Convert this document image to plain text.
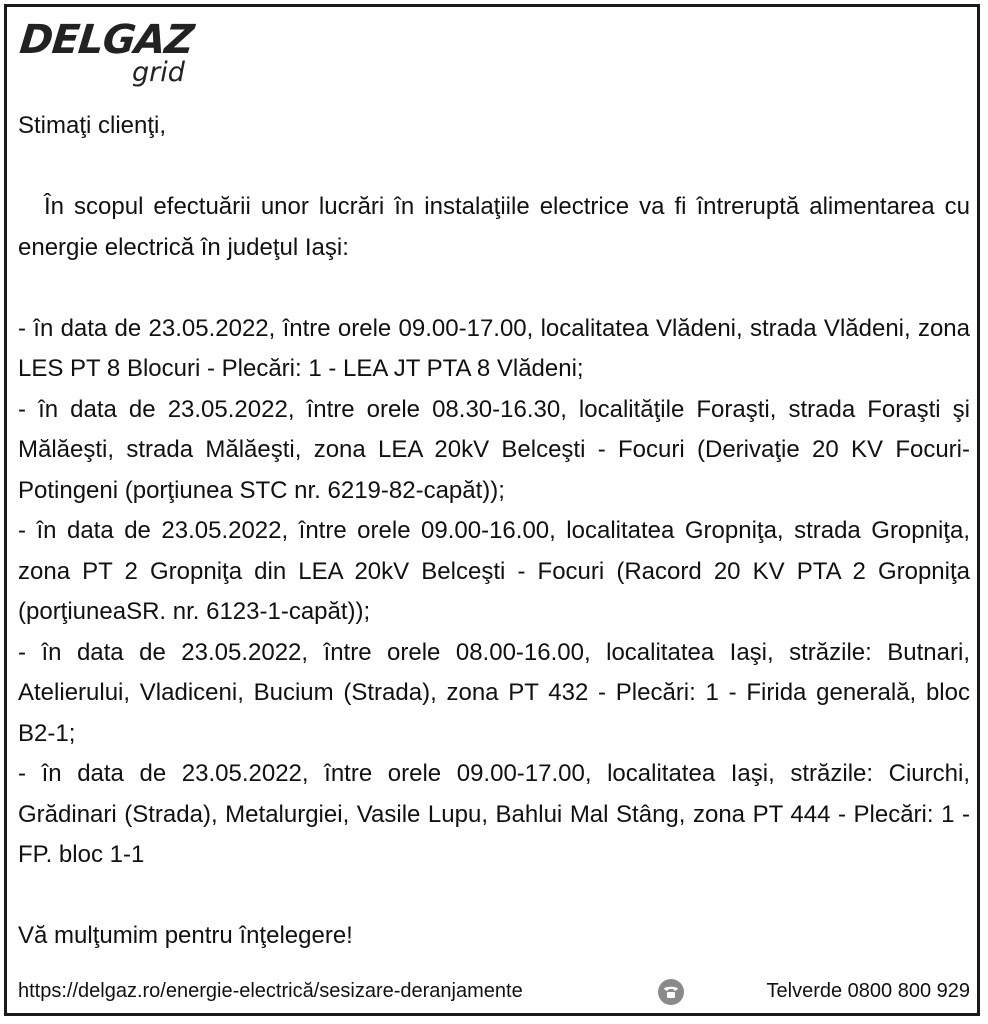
DELGAZ
grid

Stimaţi clienţi,

În scopul efectuării unor lucrări în instalaţiile electrice va fi întreruptă alimentarea cu energie electrică în judeţul Iaşi:

- în data de 23.05.2022, între orele 09.00-17.00, localitatea Vlădeni, strada Vlădeni, zona LES PT 8 Blocuri - Plecări: 1 - LEA JT PTA 8 Vlădeni;

- în data de 23.05.2022, între orele 08.30-16.30, localităţile Foraşti, strada Foraşti şi Mălăeşti, strada Mălăeşti, zona LEA 20kV Belceşti - Focuri (Derivaţie 20 KV Focuri-Potingeni (porţiunea STC nr. 6219-82-capăt));

- în data de 23.05.2022, între orele 09.00-16.00, localitatea Gropniţa, strada Gropniţa, zona PT 2 Gropniţa din LEA 20kV Belceşti - Focuri (Racord 20 KV PTA 2 Gropniţa (porţiuneaSR. nr. 6123-1-capăt));

- în data de 23.05.2022, între orele 08.00-16.00, localitatea Iaşi, străzile: Butnari, Atelierului, Vladiceni, Bucium (Strada), zona PT 432 - Plecări: 1 - Firida generală, bloc B2-1;

- în data de 23.05.2022, între orele 09.00-17.00, localitatea Iaşi, străzile: Ciurchi, Grădinari (Strada), Metalurgiei, Vasile Lupu, Bahlui Mal Stâng, zona PT 444 - Plecări: 1 - FP. bloc 1-1

Vă mulţumim pentru înţelegere!

https://delgaz.ro/energie-electrică/sesizare-deranjamente	Telverde 0800 800 929
